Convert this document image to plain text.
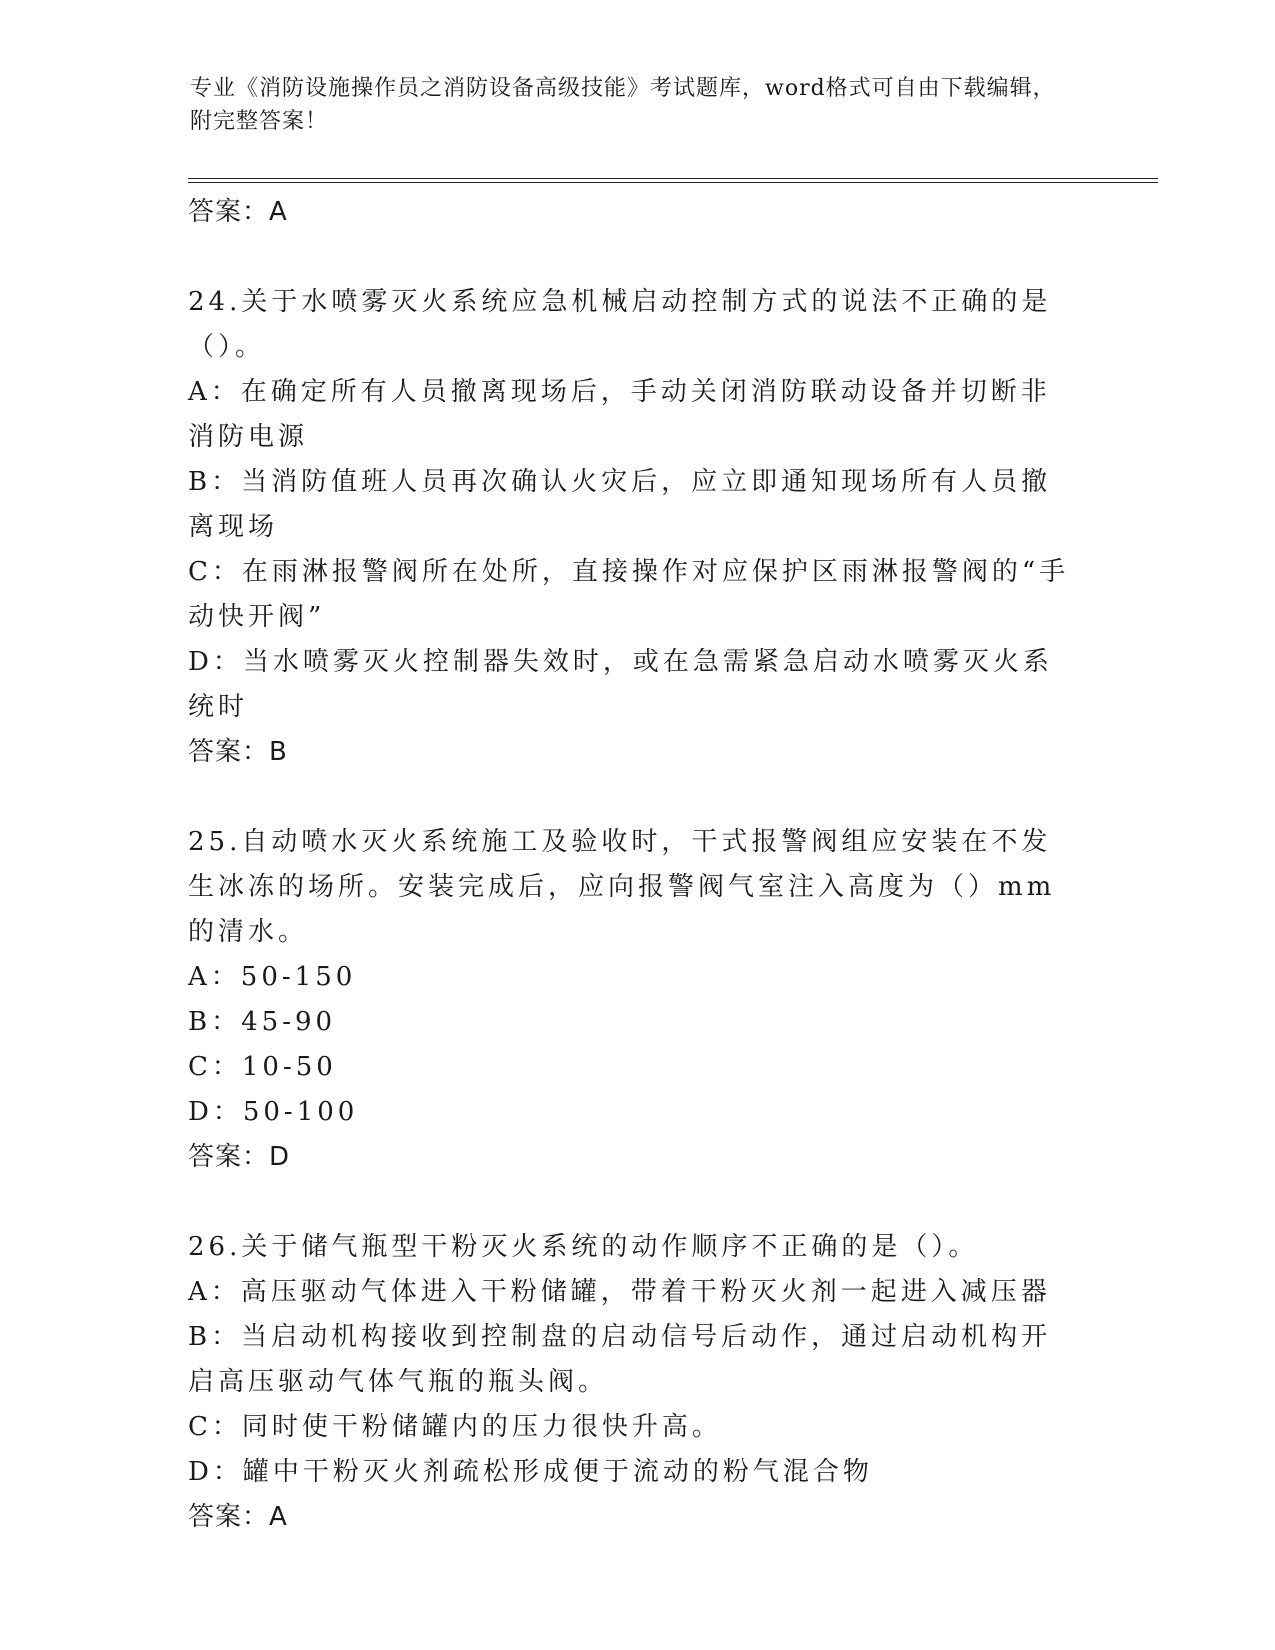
专业《消防设施操作员之消防设备高级技能》考试题库，word格式可自由下载编辑，附完整答案！
答案：A
24.关于水喷雾灭火系统应急机械启动控制方式的说法不正确的是（）。
A：在确定所有人员撤离现场后，手动关闭消防联动设备并切断非消防电源
B：当消防值班人员再次确认火灾后，应立即通知现场所有人员撤离现场
C：在雨淋报警阀所在处所，直接操作对应保护区雨淋报警阀的“手动快开阀”
D：当水喷雾灭火控制器失效时，或在急需紧急启动水喷雾灭火系统时
答案：B
25.自动喷水灭火系统施工及验收时，干式报警阀组应安装在不发生冰冻的场所。安装完成后，应向报警阀气室注入高度为（）mm的清水。
A：50-150
B：45-90
C：10-50
D：50-100
答案：D
26.关于储气瓶型干粉灭火系统的动作顺序不正确的是（）。
A：高压驱动气体进入干粉储罐，带着干粉灭火剂一起进入减压器
B：当启动机构接收到控制盘的启动信号后动作，通过启动机构开启高压驱动气体气瓶的瓶头阀。
C：同时使干粉储罐内的压力很快升高。
D：罐中干粉灭火剂疏松形成便于流动的粉气混合物
答案：A
